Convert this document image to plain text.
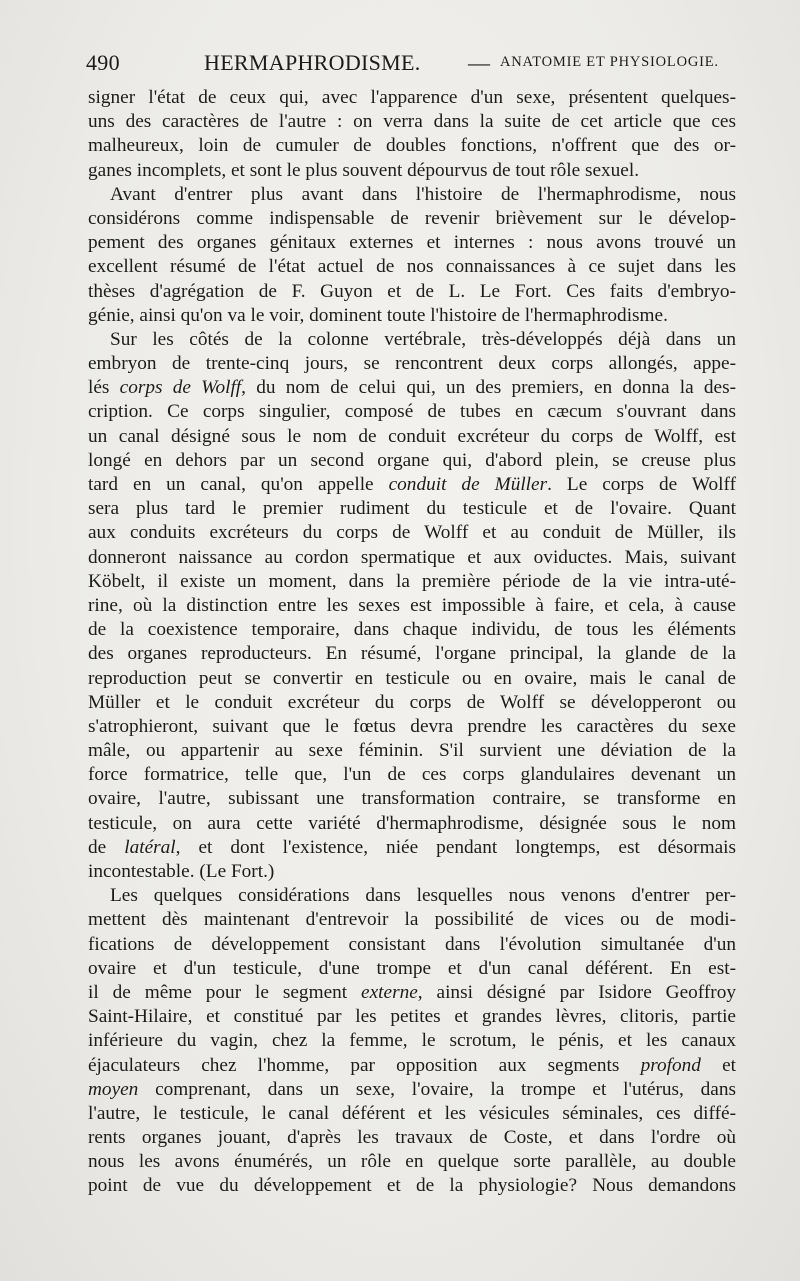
490	HERMAPHRODISME. — ANATOMIE ET PHYSIOLOGIE.
signer l'état de ceux qui, avec l'apparence d'un sexe, présentent quelques-
uns des caractères de l'autre : on verra dans la suite de cet article que ces
malheureux, loin de cumuler de doubles fonctions, n'offrent que des or-
ganes incomplets, et sont le plus souvent dépourvus de tout rôle sexuel.
Avant d'entrer plus avant dans l'histoire de l'hermaphrodisme, nous
considérons comme indispensable de revenir brièvement sur le dévelop-
pement des organes génitaux externes et internes : nous avons trouvé un
excellent résumé de l'état actuel de nos connaissances à ce sujet dans les
thèses d'agrégation de F. Guyon et de L. Le Fort. Ces faits d'embryo-
génie, ainsi qu'on va le voir, dominent toute l'histoire de l'hermaphrodisme.
Sur les côtés de la colonne vertébrale, très-développés déjà dans un
embryon de trente-cinq jours, se rencontrent deux corps allongés, appe-
lés corps de Wolff, du nom de celui qui, un des premiers, en donna la des-
cription. Ce corps singulier, composé de tubes en cæcum s'ouvrant dans
un canal désigné sous le nom de conduit excréteur du corps de Wolff, est
longé en dehors par un second organe qui, d'abord plein, se creuse plus
tard en un canal, qu'on appelle conduit de Müller. Le corps de Wolff
sera plus tard le premier rudiment du testicule et de l'ovaire. Quant
aux conduits excréteurs du corps de Wolff et au conduit de Müller, ils
donneront naissance au cordon spermatique et aux oviductes. Mais, suivant
Köbelt, il existe un moment, dans la première période de la vie intra-uté-
rine, où la distinction entre les sexes est impossible à faire, et cela, à cause
de la coexistence temporaire, dans chaque individu, de tous les éléments
des organes reproducteurs. En résumé, l'organe principal, la glande de la
reproduction peut se convertir en testicule ou en ovaire, mais le canal de
Müller et le conduit excréteur du corps de Wolff se développeront ou
s'atrophieront, suivant que le fœtus devra prendre les caractères du sexe
mâle, ou appartenir au sexe féminin. S'il survient une déviation de la
force formatrice, telle que, l'un de ces corps glandulaires devenant un
ovaire, l'autre, subissant une transformation contraire, se transforme en
testicule, on aura cette variété d'hermaphrodisme, désignée sous le nom
de latéral, et dont l'existence, niée pendant longtemps, est désormais
incontestable. (Le Fort.)
Les quelques considérations dans lesquelles nous venons d'entrer per-
mettent dès maintenant d'entrevoir la possibilité de vices ou de modi-
fications de développement consistant dans l'évolution simultanée d'un
ovaire et d'un testicule, d'une trompe et d'un canal déférent. En est-
il de même pour le segment externe, ainsi désigné par Isidore Geoffroy
Saint-Hilaire, et constitué par les petites et grandes lèvres, clitoris, partie
inférieure du vagin, chez la femme, le scrotum, le pénis, et les canaux
éjaculateurs chez l'homme, par opposition aux segments profond et
moyen comprenant, dans un sexe, l'ovaire, la trompe et l'utérus, dans
l'autre, le testicule, le canal déférent et les vésicules séminales, ces diffé-
rents organes jouant, d'après les travaux de Coste, et dans l'ordre où
nous les avons énumérés, un rôle en quelque sorte parallèle, au double
point de vue du développement et de la physiologie? Nous demandons
